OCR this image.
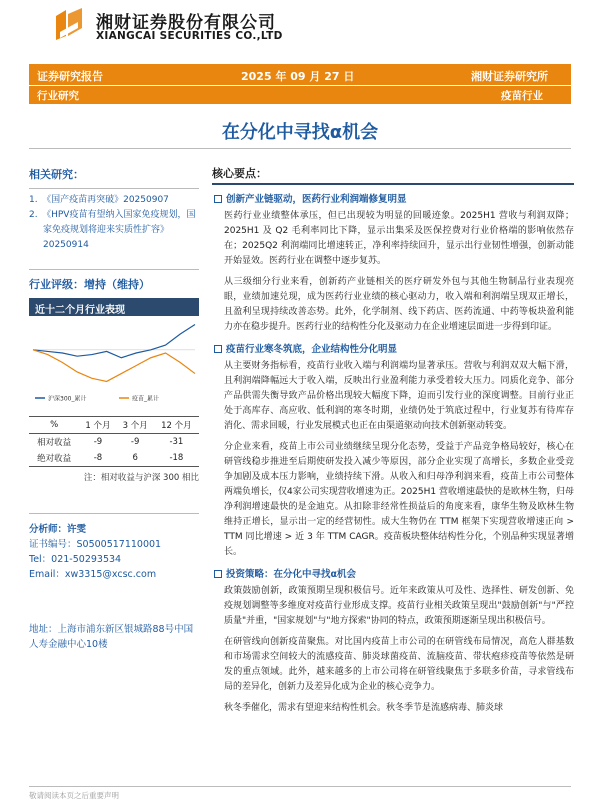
湘财证券股份有限公司
XIANGCAI SECURITIES CO.,LTD
证券研究报告	2025 年 09 月 27 日	湘财证券研究所
行业研究	疫苗行业
在分化中寻找α机会
相关研究：
1.　《国产疫苗再突破》20250907
2.　《HPV疫苗有望纳入国家免疫规划，国家免疫规划将迎来实质性扩容》 20250914
行业评级：增持（维持）
近十二个月行业表现
沪深300_累计	疫苗_累计
%	1 个月	3 个月	12 个月
相对收益	-9	-9	-31
绝对收益	-8	6	-18
注：相对收益与沪深 300 相比
分析师：许雯
证书编号：S0500517110001
Tel：021-50293534
Email：xw3315@xcsc.com
地址：上海市浦东新区银城路88号中国人寿金融中心10楼
核心要点：
创新产业链驱动，医药行业利润端修复明显
医药行业业绩整体承压，但已出现较为明显的回暖迹象。2025H1 营收与利润双降；2025H1 及 Q2 毛利率同比下降，显示出集采及医保控费对行业价格端的影响依然存在；2025Q2 利润端同比增速转正，净利率持续回升，显示出行业韧性增强，创新动能开始显效。医药行业在调整中逐步复苏。
从三级细分行业来看，创新药产业链相关的医疗研发外包与其他生物制品行业表现亮眼，业绩加速兑现，成为医药行业业绩的核心驱动力，收入端和利润端呈现双正增长，且盈利呈现持续改善态势。此外，化学制剂、线下药店、医药流通、中药等板块盈利能力亦在稳步提升。医药行业的结构性分化及驱动力在企业增速层面进一步得到印证。
疫苗行业寒冬筑底，企业结构性分化明显
从主要财务指标看，疫苗行业收入端与利润端均显著承压。营收与利润双双大幅下滑，且利润端降幅远大于收入端，反映出行业盈利能力承受着较大压力。同质化竞争、部分产品供需失衡导致产品价格出现较大幅度下降，迫而引发行业的深度调整。目前行业正处于高库存、高应收、低利润的寒冬时期，业绩仍处于筑底过程中，行业复苏有待库存消化、需求回暖，行业发展模式也正在由渠道驱动向技术创新驱动转变。
分企业来看，疫苗上市公司业绩继续呈现分化态势，受益于产品竞争格局较好，核心在研管线稳步推进至后期使研发投入减少等原因，部分企业实现了高增长，多数企业受竞争加剧及成本压力影响，业绩持续下滑。从收入和归母净利润来看，疫苗上市公司整体两端负增长，仅4家公司实现营收增速为正。2025H1 营收增速最快的是欧林生物，归母净利润增速最快的是金迪克。从扣除非经常性损益后的角度来看，康华生物及欧林生物维持正增长，显示出一定的经营韧性。成大生物仍在 TTM 框架下实现营收增速正向 > TTM 同比增速 > 近 3 年 TTM CAGR。疫苗板块整体结构性分化，个别品种实现显著增长。
投资策略：在分化中寻找α机会
政策鼓励创新，政策预期呈现积极信号。近年来政策从可及性、选择性、研发创新、免疫规划调整等多维度对疫苗行业形成支撑。疫苗行业相关政策呈现出"鼓励创新"与"严控质量"并重，"国家规划"与"地方探索"协同的特点，政策预期逐渐呈现出积极信号。
在研管线向创新疫苗聚焦。对比国内疫苗上市公司的在研管线布局情况，高危人群基数和市场需求空间较大的流感疫苗、肺炎球菌疫苗、流脑疫苗、带状疱疹疫苗等依然是研发的重点领域。此外，越来越多的上市公司将在研管线聚焦于多联多价苗，寻求管线布局的差异化，创新力及差异化成为企业的核心竞争力。
秋冬季催化，需求有望迎来结构性机会。秋冬季节是流感病毒、肺炎球
敬请阅读本页之后重要声明
